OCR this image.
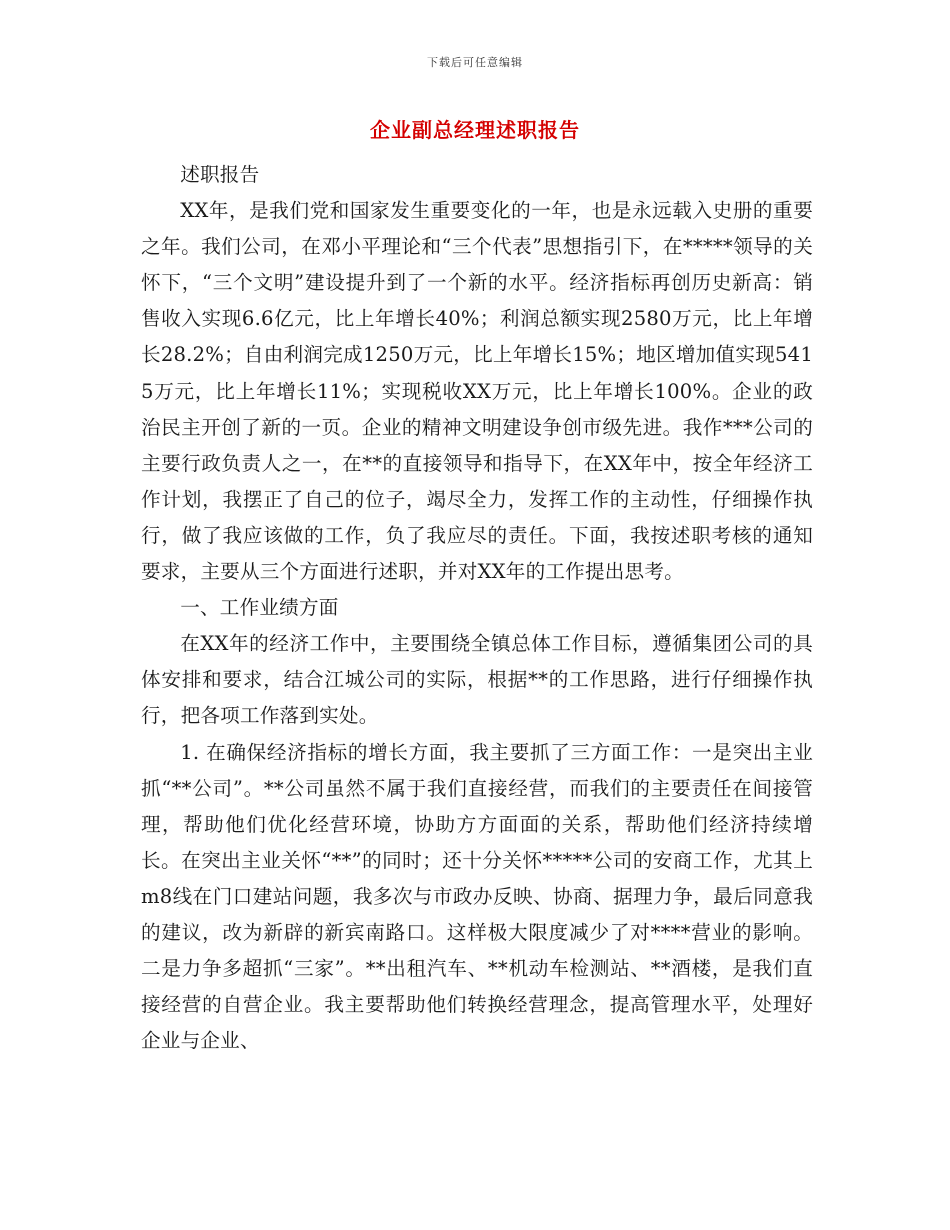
下载后可任意编辑
企业副总经理述职报告

述职报告

XX年，是我们党和国家发生重要变化的一年，也是永远载入史册的重要之年。我们公司，在邓小平理论和“三个代表”思想指引下，在*****领导的关怀下，“三个文明”建设提升到了一个新的水平。经济指标再创历史新高：销售收入实现6.6亿元，比上年增长40%；利润总额实现2580万元，比上年增长28.2%；自由利润完成1250万元，比上年增长15%；地区增加值实现5415万元，比上年增长11%；实现税收XX万元，比上年增长100%。企业的政治民主开创了新的一页。企业的精神文明建设争创市级先进。我作***公司的主要行政负责人之一，在**的直接领导和指导下，在XX年中，按全年经济工作计划，我摆正了自己的位子，竭尽全力，发挥工作的主动性，仔细操作执行，做了我应该做的工作，负了我应尽的责任。下面，我按述职考核的通知要求，主要从三个方面进行述职，并对XX年的工作提出思考。

一、工作业绩方面

在XX年的经济工作中，主要围绕全镇总体工作目标，遵循集团公司的具体安排和要求，结合江城公司的实际，根据**的工作思路，进行仔细操作执行，把各项工作落到实处。

1. 在确保经济指标的增长方面，我主要抓了三方面工作：一是突出主业抓“**公司”。**公司虽然不属于我们直接经营，而我们的主要责任在间接管理，帮助他们优化经营环境，协助方方面面的关系，帮助他们经济持续增长。在突出主业关怀“**”的同时；还十分关怀*****公司的安商工作，尤其上m8线在门口建站问题，我多次与市政办反映、协商、据理力争，最后同意我的建议，改为新辟的新宾南路口。这样极大限度减少了对****营业的影响。二是力争多超抓“三家”。**出租汽车、**机动车检测站、**酒楼，是我们直接经营的自营企业。我主要帮助他们转换经营理念，提高管理水平，处理好企业与企业、
